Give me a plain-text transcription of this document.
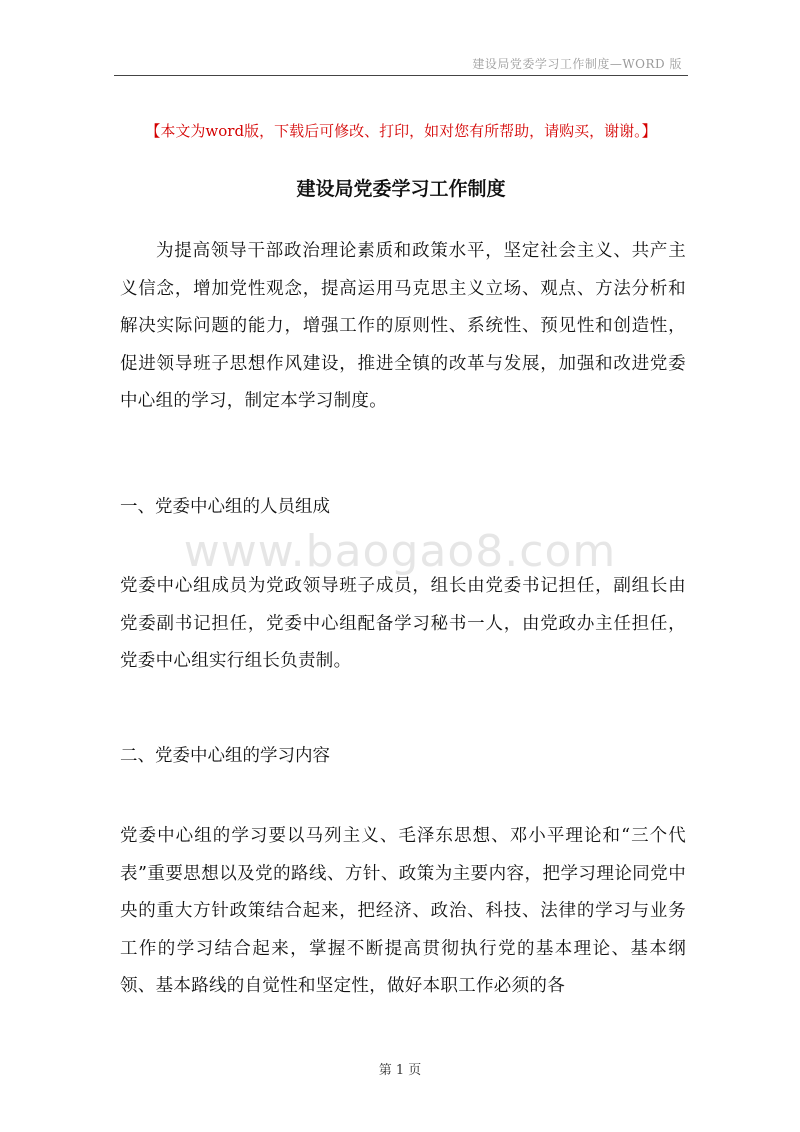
建设局党委学习工作制度—WORD 版
【本文为word版，下载后可修改、打印，如对您有所帮助，请购买，谢谢。】
建设局党委学习工作制度

为提高领导干部政治理论素质和政策水平，坚定社会主义、共产主义信念，增加党性观念，提高运用马克思主义立场、观点、方法分析和解决实际问题的能力，增强工作的原则性、系统性、预见性和创造性，促进领导班子思想作风建设，推进全镇的改革与发展，加强和改进党委中心组的学习，制定本学习制度。

一、党委中心组的人员组成

www.baogao8.com

党委中心组成员为党政领导班子成员，组长由党委书记担任，副组长由党委副书记担任，党委中心组配备学习秘书一人，由党政办主任担任，党委中心组实行组长负责制。

二、党委中心组的学习内容

党委中心组的学习要以马列主义、毛泽东思想、邓小平理论和“三个代表”重要思想以及党的路线、方针、政策为主要内容，把学习理论同党中央的重大方针政策结合起来，把经济、政治、科技、法律的学习与业务工作的学习结合起来，掌握不断提高贯彻执行党的基本理论、基本纲领、基本路线的自觉性和坚定性，做好本职工作必须的各

第 1 页
